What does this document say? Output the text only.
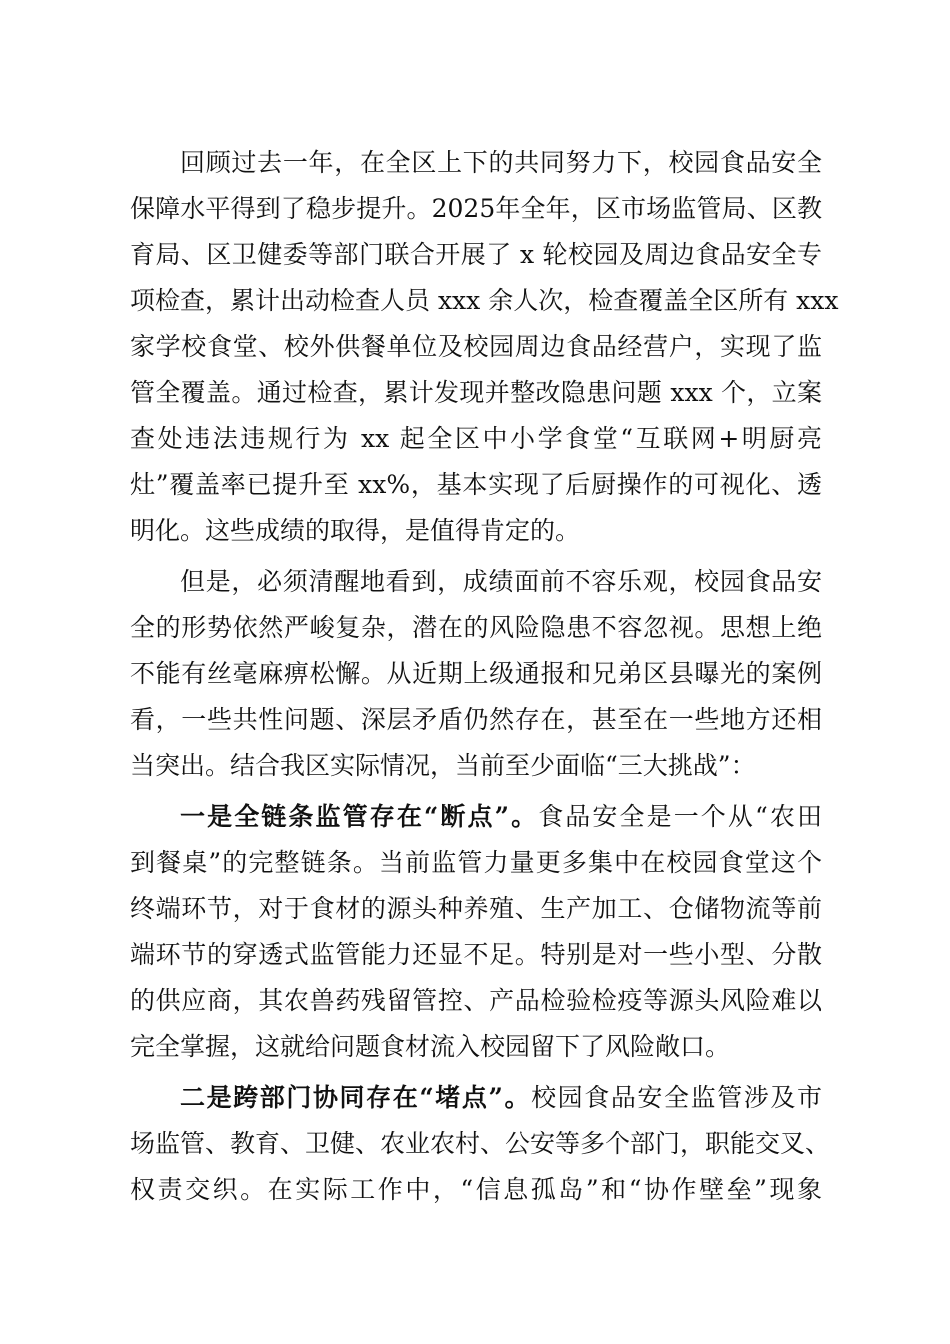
回顾过去一年，在全区上下的共同努力下，校园食品安全
保障水平得到了稳步提升。2025年全年，区市场监管局、区教
育局、区卫健委等部门联合开展了 x 轮校园及周边食品安全专
项检查，累计出动检查人员 xxx 余人次，检查覆盖全区所有 xxx
家学校食堂、校外供餐单位及校园周边食品经营户，实现了监
管全覆盖。通过检查，累计发现并整改隐患问题 xxx 个，立案
查处违法违规行为 xx 起全区中小学食堂“互联网+明厨亮
灶”覆盖率已提升至 xx%，基本实现了后厨操作的可视化、透
明化。这些成绩的取得，是值得肯定的。
但是，必须清醒地看到，成绩面前不容乐观，校园食品安
全的形势依然严峻复杂，潜在的风险隐患不容忽视。思想上绝
不能有丝毫麻痹松懈。从近期上级通报和兄弟区县曝光的案例
看，一些共性问题、深层矛盾仍然存在，甚至在一些地方还相
当突出。结合我区实际情况，当前至少面临“三大挑战”：
一是全链条监管存在“断点”。食品安全是一个从“农田
到餐桌”的完整链条。当前监管力量更多集中在校园食堂这个
终端环节，对于食材的源头种养殖、生产加工、仓储物流等前
端环节的穿透式监管能力还显不足。特别是对一些小型、分散
的供应商，其农兽药残留管控、产品检验检疫等源头风险难以
完全掌握，这就给问题食材流入校园留下了风险敞口。
二是跨部门协同存在“堵点”。校园食品安全监管涉及市
场监管、教育、卫健、农业农村、公安等多个部门，职能交叉、
权责交织。在实际工作中，“信息孤岛”和“协作壁垒”现象
